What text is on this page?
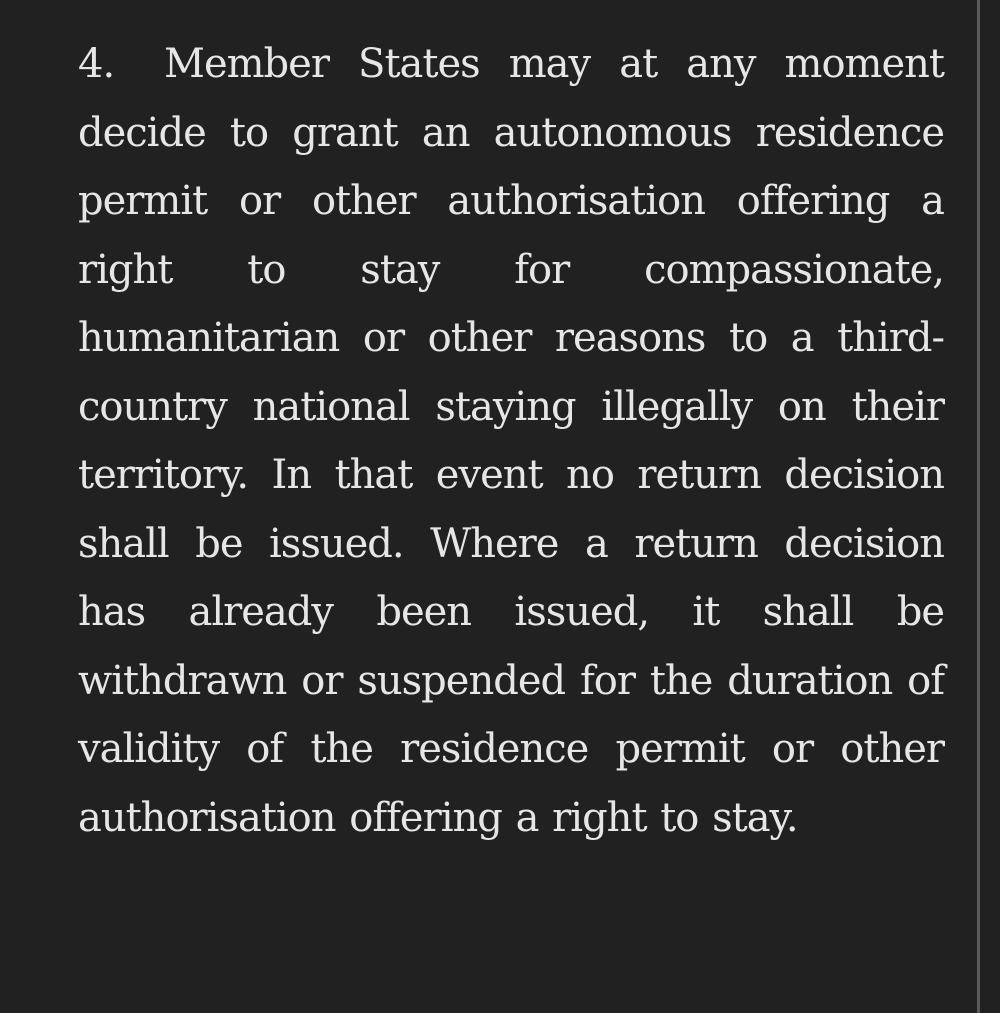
4. Member States may at any moment decide to grant an autonomous residence permit or other authorisation offering a right to stay for compassionate, humanitarian or other reasons to a third-country national staying illegally on their territory. In that event no return decision shall be issued. Where a return decision has already been issued, it shall be withdrawn or suspended for the duration of validity of the residence permit or other authorisation offering a right to stay.
